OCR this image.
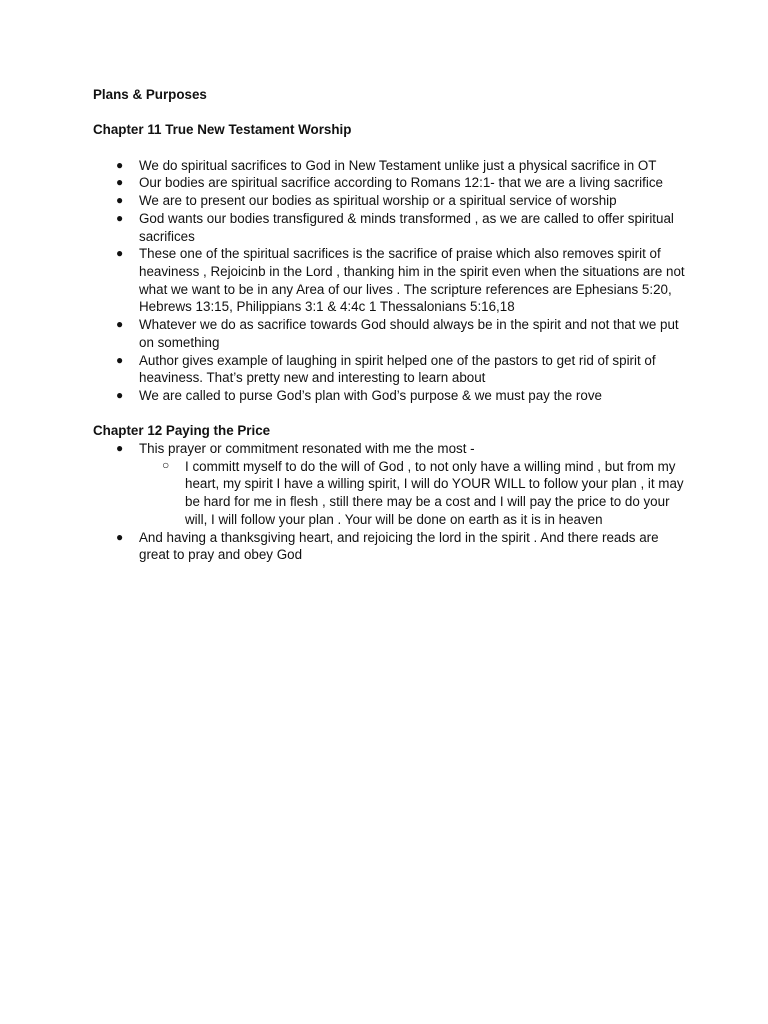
Plans & Purposes

Chapter 11 True New Testament Worship

● We do spiritual sacrifices to God in New Testament unlike just a physical sacrifice in OT
● Our bodies are spiritual sacrifice according to Romans 12:1- that we are a living sacrifice
● We are to present our bodies as spiritual worship or a spiritual service of worship
● God wants our bodies transfigured & minds transformed , as we are called to offer spiritual sacrifices
● These one of the spiritual sacrifices is the sacrifice of praise which also removes spirit of heaviness , Rejoicinb in the Lord , thanking him in the spirit even when the situations are not what we want to be in any Area of our lives . The scripture references are Ephesians 5:20, Hebrews 13:15, Philippians 3:1 & 4:4c 1 Thessalonians 5:16,18
● Whatever we do as sacrifice towards God should always be in the spirit and not that we put on something
● Author gives example of laughing in spirit helped one of the pastors to get rid of spirit of heaviness. That’s pretty new and interesting to learn about
● We are called to purse God’s plan with God’s purpose & we must pay the rove

Chapter 12 Paying the Price

● This prayer or commitment resonated with me the most -
○ I committ myself to do the will of God , to not only have a willing mind , but from my heart, my spirit I have a willing spirit, I will do YOUR WILL to follow your plan , it may be hard for me in flesh , still there may be a cost and I will pay the price to do your will, I will follow your plan . Your will be done on earth as it is in heaven
● And having a thanksgiving heart, and rejoicing the lord in the spirit . And there reads are great to pray and obey God
